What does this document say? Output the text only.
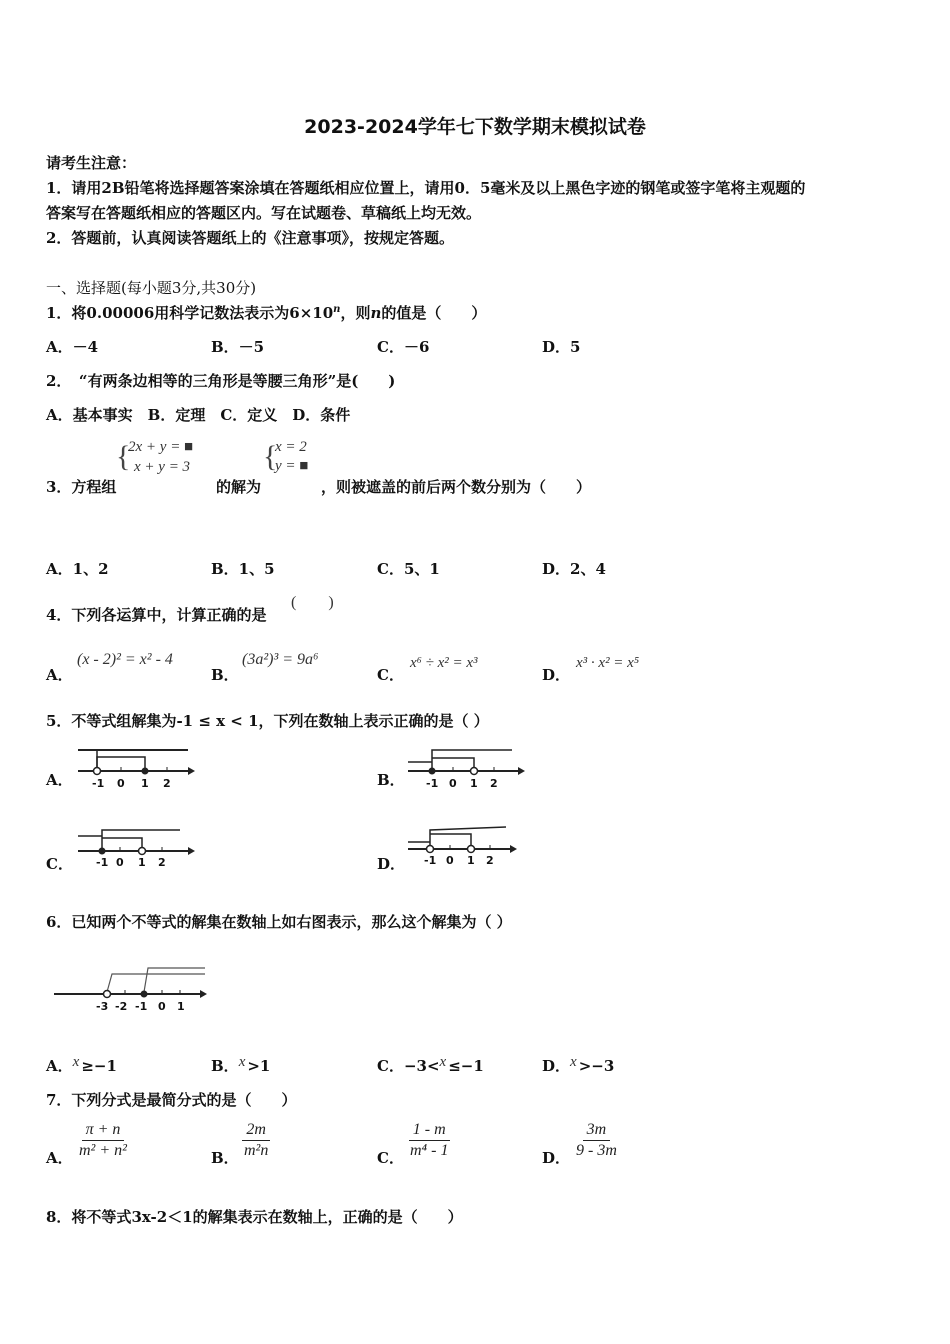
2023-2024学年七下数学期末模拟试卷
请考生注意：
1．请用2B铅笔将选择题答案涂填在答题纸相应位置上，请用0．5毫米及以上黑色字迹的钢笔或签字笔将主观题的
答案写在答题纸相应的答题区内。写在试题卷、草稿纸上均无效。
2．答题前，认真阅读答题纸上的《注意事项》，按规定答题。
一、选择题(每小题3分,共30分)
1．将0.00006用科学记数法表示为$6\times 10^n$，则n的值是（　　）
A．－4	B．－5	C．－6	D．5
2．　“有两条边相等的三角形是等腰三角形”是(　　)
A．基本事实　B．定理　C．定义　D．条件
3．方程组
{
2x + y = ■
x + y = 3
的解为
{
x = 2
y = ■
，则被遮盖的前后两个数分别为（　　）
A．1、2	B．1、5	C．5、1	D．2、4
4．下列各运算中，计算正确的是
(　　)
A．
(x - 2)² = x² - 4
B．
(3a²)³ = 9a⁶
C．
x⁶ ÷ x² = x³
D．
x³ · x² = x⁵
5．不等式组解集为-1 ≤ x < 1，下列在数轴上表示正确的是（ ）
A． -1 0 1 2	B． -1 0 1 2
C． -1 0 1 2	D． -1 0 1 2
6．已知两个不等式的解集在数轴上如右图表示，那么这个解集为（ ）
-3 -2 -1 0 1
A．x ≥−1	B．x >1	C．−3<x ≤−1	D．x >−3
7．下列分式是最简分式的是（　　）
A． $\frac{\pi + n}{\text{m² + n²}}$	B． $\frac{2m}{\text{m²n}}$	C． $\frac{1 - m}{\text{m⁴ - 1}}$	D． $\frac{3m}{9 - 3m}$
8．将不等式3x-2＜1的解集表示在数轴上，正确的是（　　）
